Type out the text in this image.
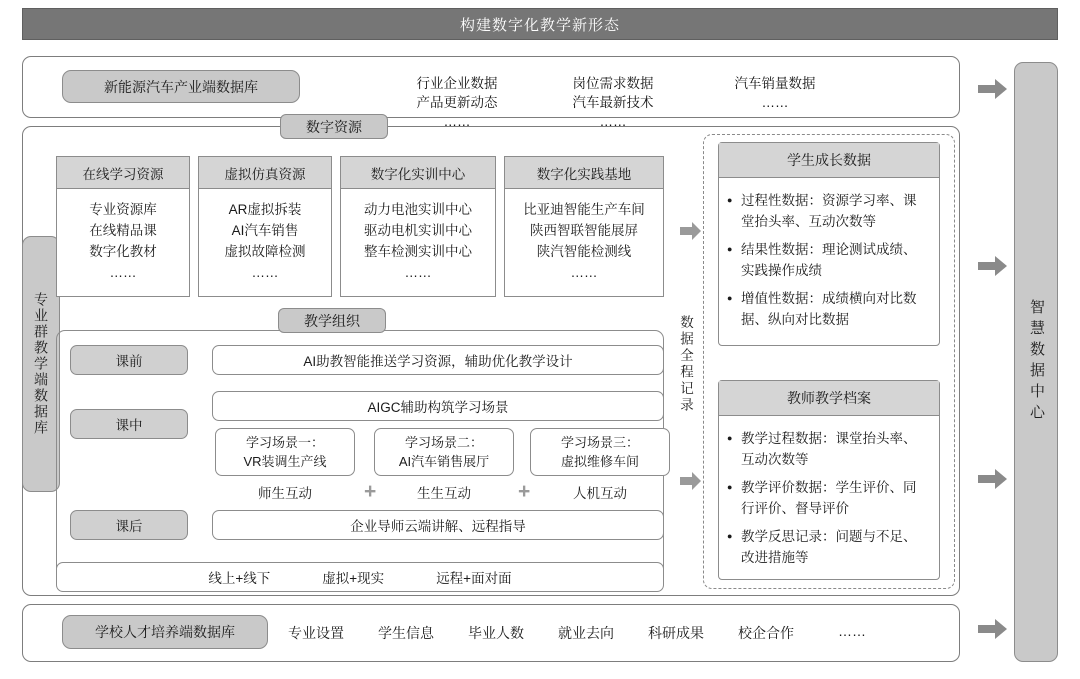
构建数字化教学新形态
专业群教学端数据库	智慧数据中心
新能源汽车产业端数据库	行业企业数据
产品更新动态
……
岗位需求数据
汽车最新技术
……
汽车销量数据
……
数字资源
在线学习资源
专业资源库
在线精品课
数字化教材
……
虚拟仿真资源
AR虚拟拆装
AI汽车销售
虚拟故障检测
……
数字化实训中心
动力电池实训中心
驱动电机实训中心
整车检测实训中心
……
数字化实践基地
比亚迪智能生产车间
陕西智联智能展屏
陕汽智能检测线
……
教学组织
课前
课中
课后
AI助教智能推送学习资源，辅助优化教学设计
AIGC辅助构筑学习场景
企业导师云端讲解、远程指导
学习场景一：
VR装调生产线
学习场景二：
AI汽车销售展厅
学习场景三：
虚拟维修车间
师生互动	+	生生互动	+	人机互动
线上+线下	虚拟+现实	远程+面对面
数据全程记录
学生成长数据
● 过程性数据：资源学习率、课堂抬头率、互动次数等
● 结果性数据：理论测试成绩、实践操作成绩
● 增值性数据：成绩横向对比数据、纵向对比数据
教师教学档案
● 教学过程数据：课堂抬头率、互动次数等
● 教学评价数据：学生评价、同行评价、督导评价
● 教学反思记录：问题与不足、改进措施等
学校人才培养端数据库	专业设置 学生信息 毕业人数 就业去向 科研成果 校企合作	……
